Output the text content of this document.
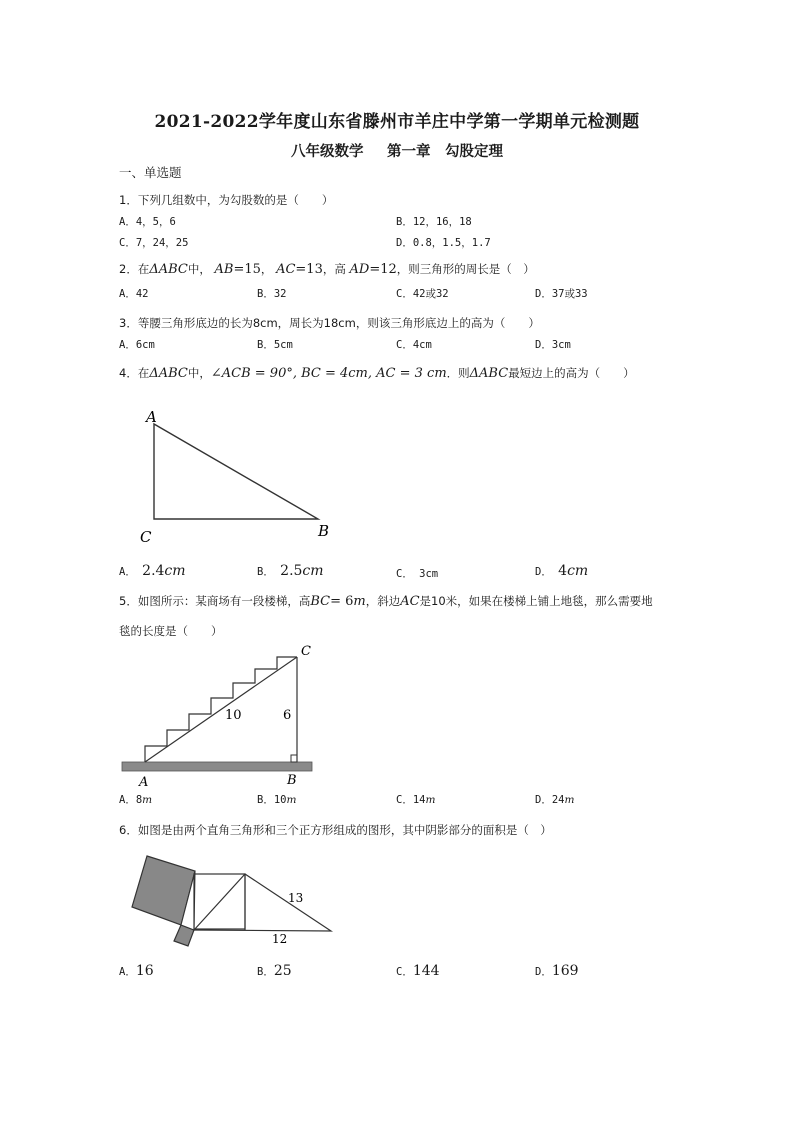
2021-2022学年度山东省滕州市羊庄中学第一学期单元检测题
八年级数学　 第一章　勾股定理
一、单选题
1．下列几组数中，为勾股数的是（　　）
A．4，5，6	B．12，16，18
C．7，24，25	D．0.8，1.5，1.7
2．在ΔABC中， AB=15， AC=13，高 AD=12，则三角形的周长是（　）
A．42	B．32	C．42或32	D．37或33
3．等腰三角形底边的长为8cm，周长为18cm，则该三角形底边上的高为（　　）
A．6cm	B．5cm	C．4cm	D．3cm
4．在ΔABC中，∠ACB = 90°, BC = 4cm, AC = 3 cm．则ΔABC最短边上的高为（　　）
A
C	B
A． 2.4cm	B． 2.5cm	C． 3cm	D． 4cm
5．如图所示：某商场有一段楼梯，高BC= 6m，斜边AC是10米，如果在楼梯上铺上地毯，那么需要地
毯的长度是（　　）
10	6
C
A	B
A．8m	B．10m	C．14m	D．24m
6．如图是由两个直角三角形和三个正方形组成的图形，其中阴影部分的面积是（　）
13
12
A．16	B．25	C．144	D．169
